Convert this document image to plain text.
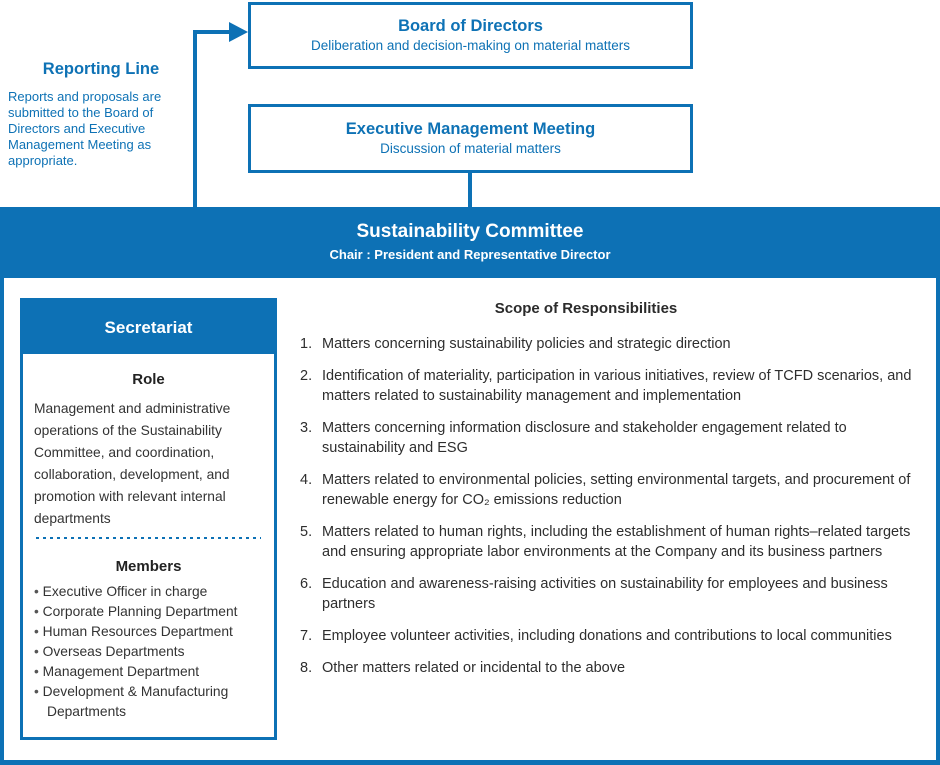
Reporting Line
Reports and proposals are submitted to the Board of Directors and Executive Management Meeting as appropriate.
Board of Directors
Deliberation and decision-making on material matters
Executive Management Meeting
Discussion of material matters
Sustainability Committee
Chair : President and Representative Director
Secretariat
Role
Management and administrative operations of the Sustainability Committee, and coordination, collaboration, development, and promotion with relevant internal departments
Members
• Executive Officer in charge
• Corporate Planning Department
• Human Resources Department
• Overseas Departments
• Management Department
• Development & Manufacturing Departments
Scope of Responsibilities
1. Matters concerning sustainability policies and strategic direction
2. Identification of materiality, participation in various initiatives, review of TCFD scenarios, and matters related to sustainability management and implementation
3. Matters concerning information disclosure and stakeholder engagement related to sustainability and ESG
4. Matters related to environmental policies, setting environmental targets, and procurement of renewable energy for CO₂ emissions reduction
5. Matters related to human rights, including the establishment of human rights–related targets and ensuring appropriate labor environments at the Company and its business partners
6. Education and awareness-raising activities on sustainability for employees and business partners
7. Employee volunteer activities, including donations and contributions to local communities
8. Other matters related or incidental to the above
